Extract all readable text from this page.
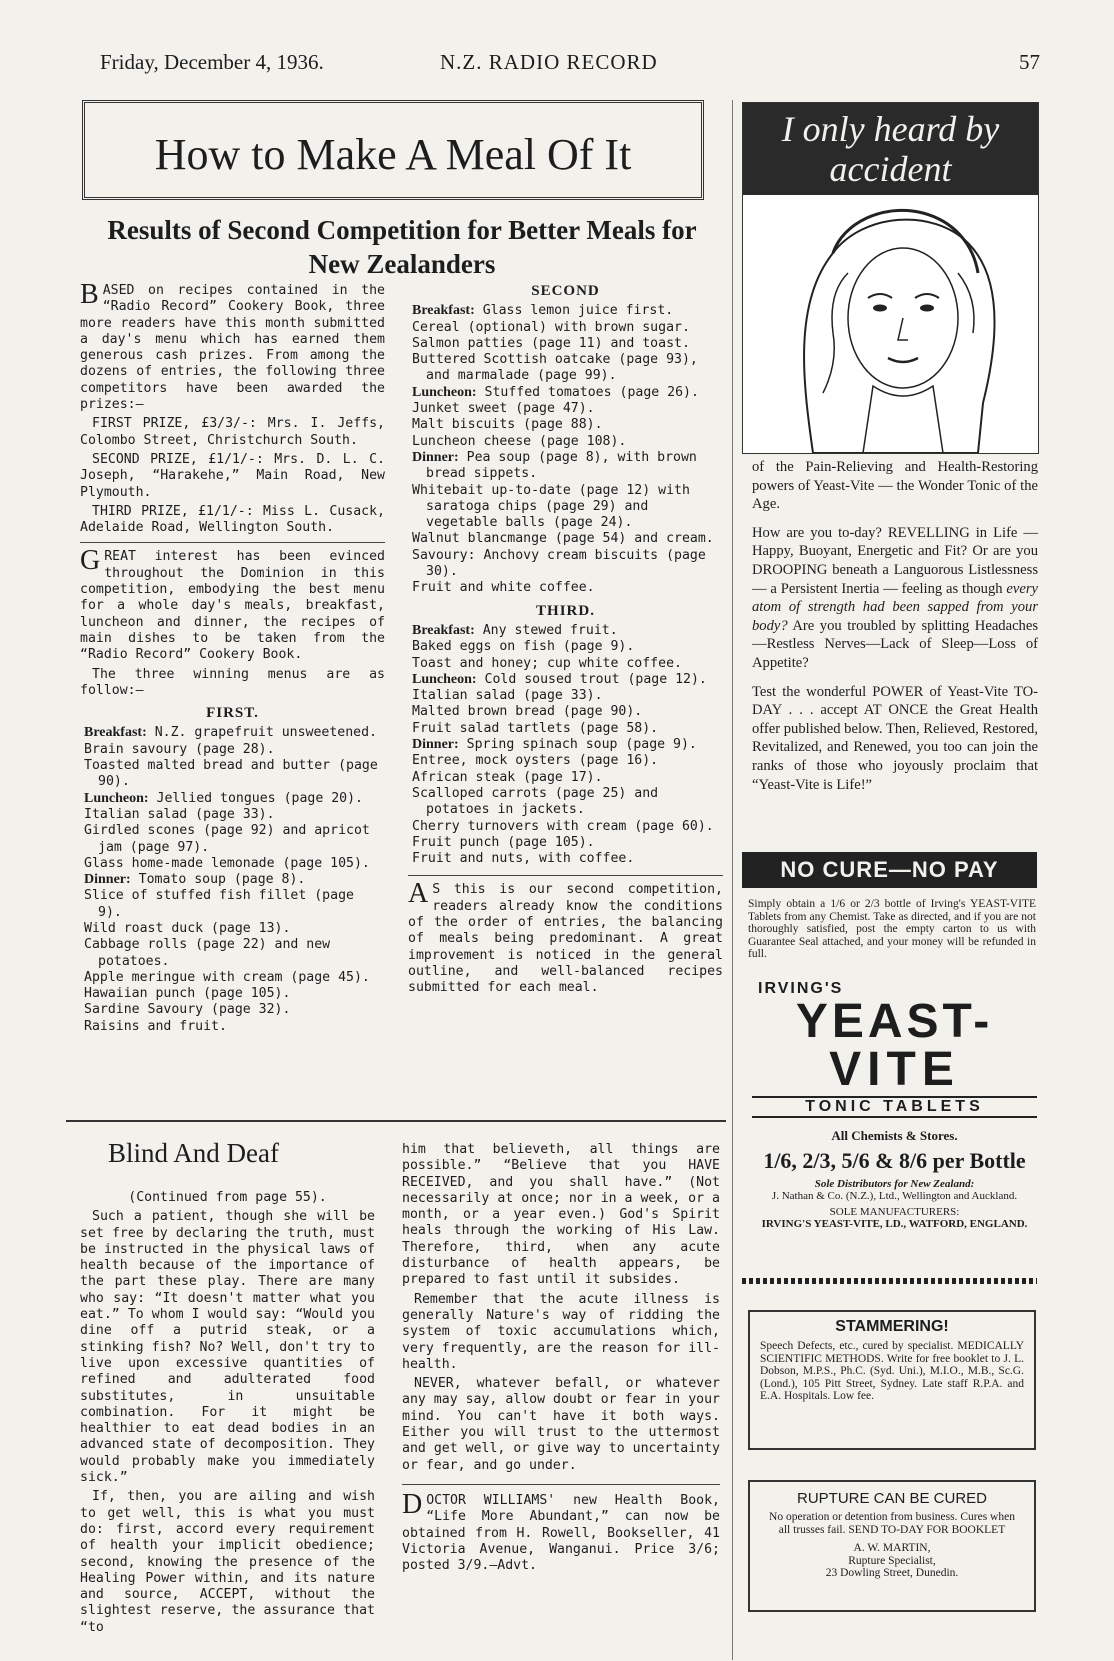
Friday, December 4, 1936.	N.Z. RADIO RECORD	57
How to Make A Meal Of It
Results of Second Competition for Better Meals for New Zealanders

BASED on recipes contained in the “Radio Record” Cookery Book, three more readers have this month submitted a day's menu which has earned them generous cash prizes. From among the dozens of entries, the following three competitors have been awarded the prizes:—

FIRST PRIZE, £3/3/-: Mrs. I. Jeffs, Colombo Street, Christchurch South.

SECOND PRIZE, £1/1/-: Mrs. D. L. C. Joseph, “Harakehe,” Main Road, New Plymouth.

THIRD PRIZE, £1/1/-: Miss L. Cusack, Adelaide Road, Wellington South.

GREAT interest has been evinced throughout the Dominion in this competition, embodying the best menu for a whole day's meals, breakfast, luncheon and dinner, the recipes of main dishes to be taken from the “Radio Record” Cookery Book.

The three winning menus are as follow:—

FIRST.

Breakfast: N.Z. grapefruit unsweetened.

Brain savoury (page 28).

Toasted malted bread and butter (page 90).

Luncheon: Jellied tongues (page 20).

Italian salad (page 33).

Girdled scones (page 92) and apricot jam (page 97).

Glass home-made lemonade (page 105).

Dinner: Tomato soup (page 8).

Slice of stuffed fish fillet (page 9).

Wild roast duck (page 13).

Cabbage rolls (page 22) and new potatoes.

Apple meringue with cream (page 45).

Hawaiian punch (page 105).

Sardine Savoury (page 32).

Raisins and fruit.

SECOND

Breakfast: Glass lemon juice first.

Cereal (optional) with brown sugar.

Salmon patties (page 11) and toast.

Buttered Scottish oatcake (page 93), and marmalade (page 99).

Luncheon: Stuffed tomatoes (page 26).

Junket sweet (page 47).

Malt biscuits (page 88).

Luncheon cheese (page 108).

Dinner: Pea soup (page 8), with brown bread sippets.

Whitebait up-to-date (page 12) with saratoga chips (page 29) and vegetable balls (page 24).

Walnut blancmange (page 54) and cream.

Savoury: Anchovy cream biscuits (page 30).

Fruit and white coffee.

THIRD.

Breakfast: Any stewed fruit.

Baked eggs on fish (page 9).

Toast and honey; cup white coffee.

Luncheon: Cold soused trout (page 12).

Italian salad (page 33).

Malted brown bread (page 90).

Fruit salad tartlets (page 58).

Dinner: Spring spinach soup (page 9).

Entree, mock oysters (page 16).

African steak (page 17).

Scalloped carrots (page 25) and potatoes in jackets.

Cherry turnovers with cream (page 60).

Fruit punch (page 105).

Fruit and nuts, with coffee.

A S this is our second competition, readers already know the conditions of the order of entries, the balancing of meals being predominant. A great improvement is noticed in the general outline, and well-balanced recipes submitted for each meal.

Blind And Deaf

(Continued from page 55).

Such a patient, though she will be set free by declaring the truth, must be instructed in the physical laws of health because of the importance of the part these play. There are many who say: “It doesn't matter what you eat.” To whom I would say: “Would you dine off a putrid steak, or a stinking fish? No? Well, don't try to live upon excessive quantities of refined and adulterated food substitutes, in unsuitable combination. For it might be healthier to eat dead bodies in an advanced state of decomposition. They would probably make you immediately sick.”

If, then, you are ailing and wish to get well, this is what you must do: first, accord every requirement of health your implicit obedience; second, knowing the presence of the Healing Power within, and its nature and source, ACCEPT, without the slightest reserve, the assurance that “to

him that believeth, all things are possible.” “Believe that you HAVE RECEIVED, and you shall have.” (Not necessarily at once; nor in a week, or a month, or a year even.) God's Spirit heals through the working of His Law. Therefore, third, when any acute disturbance of health appears, be prepared to fast until it subsides.

Remember that the acute illness is generally Nature's way of ridding the system of toxic accumulations which, very frequently, are the reason for ill-health.

NEVER, whatever befall, or whatever any may say, allow doubt or fear in your mind. You can't have it both ways. Either you will trust to the uttermost and get well, or give way to uncertainty or fear, and go under.

DOCTOR WILLIAMS' new Health Book, “Life More Abundant,” can now be obtained from H. Rowell, Bookseller, 41 Victoria Avenue, Wanganui. Price 3/6; posted 3/9.—Advt.

I only heard by accident

of the Pain-Relieving and Health-Restoring powers of Yeast-Vite — the Wonder Tonic of the Age.

How are you to-day? REVELLING in Life — Happy, Buoyant, Energetic and Fit? Or are you DROOPING beneath a Languorous Listlessness — a Persistent Inertia — feeling as though every atom of strength had been sapped from your body? Are you troubled by splitting Headaches—Restless Nerves—Lack of Sleep—Loss of Appetite?

Test the wonderful POWER of Yeast-Vite TO-DAY . . . accept AT ONCE the Great Health offer published below. Then, Relieved, Restored, Revitalized, and Renewed, you too can join the ranks of those who joyously proclaim that “Yeast-Vite is Life!”

NO CURE—NO PAY
Simply obtain a 1/6 or 2/3 bottle of Irving's YEAST-VITE Tablets from any Chemist. Take as directed, and if you are not thoroughly satisfied, post the empty carton to us with Guarantee Seal attached, and your money will be refunded in full.
IRVING'S
YEAST-
VITE
TONIC TABLETS
All Chemists & Stores.
1/6, 2/3, 5/6 & 8/6 per Bottle
Sole Distributors for New Zealand:
J. Nathan & Co. (N.Z.), Ltd., Wellington and Auckland.
SOLE MANUFACTURERS:
IRVING'S YEAST-VITE, LD., WATFORD, ENGLAND.
STAMMERING!
Speech Defects, etc., cured by specialist. MEDICALLY SCIENTIFIC METHODS. Write for free booklet to J. L. Dobson, M.P.S., Ph.C. (Syd. Uni.), M.I.O., M.B., Sc.G. (Lond.), 105 Pitt Street, Sydney. Late staff R.P.A. and E.A. Hospitals. Low fee.
RUPTURE CAN BE CURED
No operation or detention from business. Cures when all trusses fail. SEND TO-DAY FOR BOOKLET
A. W. MARTIN,
Rupture Specialist,
23 Dowling Street, Dunedin.
